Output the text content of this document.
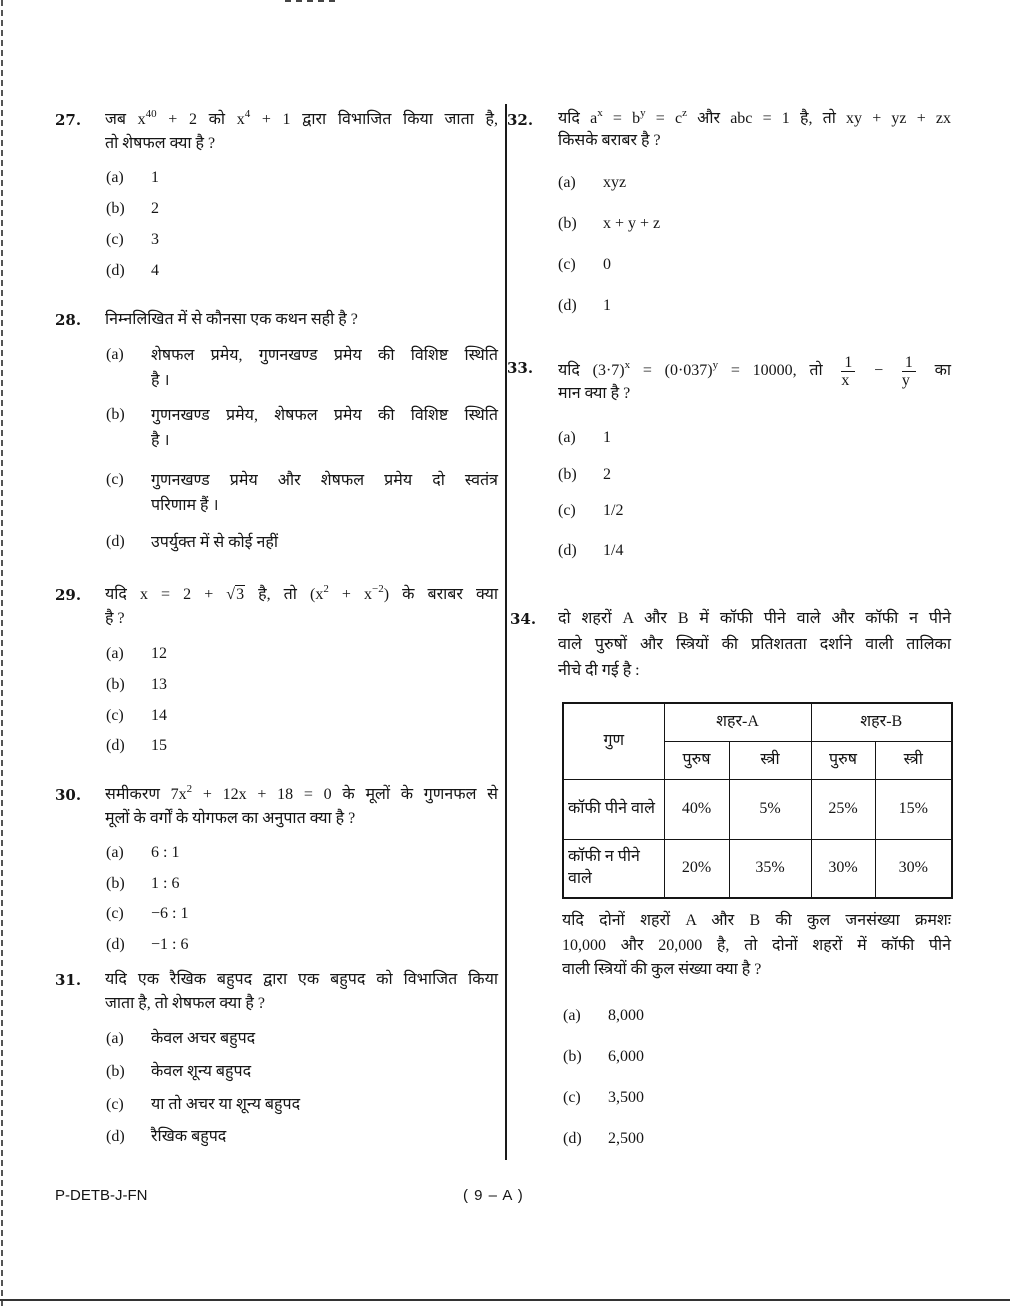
27. जब $x^{40} + 2$ को $x^4 + 1$ द्वारा विभाजित किया जाता है,
तो शेषफल क्या है ?
(a) 1
(b) 2
(c) 3
(d) 4
28. निम्नलिखित में से कौनसा एक कथन सही है ?
(a) शेषफल प्रमेय, गुणनखण्ड प्रमेय की विशिष्ट स्थिति
है ।
(b) गुणनखण्ड प्रमेय, शेषफल प्रमेय की विशिष्ट स्थिति
है ।
(c) गुणनखण्ड प्रमेय और शेषफल प्रमेय दो स्वतंत्र
परिणाम हैं ।
(d) उपर्युक्त में से कोई नहीं
29. यदि x = 2 + √3 है, तो $(x^2 + x^{-2})$ के बराबर क्या
है ?
(a) 12
(b) 13
(c) 14
(d) 15
30. समीकरण $7x^2 + 12x + 18 = 0$ के मूलों के गुणनफल से
मूलों के वर्गों के योगफल का अनुपात क्या है ?
(a) 6 : 1
(b) 1 : 6
(c) −6 : 1
(d) −1 : 6
31. यदि एक रैखिक बहुपद द्वारा एक बहुपद को विभाजित किया
जाता है, तो शेषफल क्या है ?
(a) केवल अचर बहुपद
(b) केवल शून्य बहुपद
(c) या तो अचर या शून्य बहुपद
(d) रैखिक बहुपद
32. यदि $a^x = b^y = c^z$ और abc = 1 है, तो xy + yz + zx
किसके बराबर है ?
(a) xyz
(b) x + y + z
(c) 0
(d) 1
33. यदि $(3\cdot 7)^x = (0\cdot 037)^y = 10000$, तो $\frac{1}{x} - \frac{1}{y}$ का
मान क्या है ?
(a) 1
(b) 2
(c) 1/2
(d) 1/4
34. दो शहरों A और B में कॉफी पीने वाले और कॉफी न पीने
वाले पुरुषों और स्त्रियों की प्रतिशतता दर्शाने वाली तालिका
नीचे दी गई है :
गुण	शहर-A		शहर-B	
	पुरुष	स्त्री	पुरुष	स्त्री
कॉफी पीने वाले	40%	5%	25%	15%
कॉफी न पीने वाले	20%	35%	30%	30%
यदि दोनों शहरों A और B की कुल जनसंख्या क्रमशः
10,000 और 20,000 है, तो दोनों शहरों में कॉफी पीने
वाली स्त्रियों की कुल संख्या क्या है ?
(a) 8,000
(b) 6,000
(c) 3,500
(d) 2,500
P-DETB-J-FN	( 9 – A )
